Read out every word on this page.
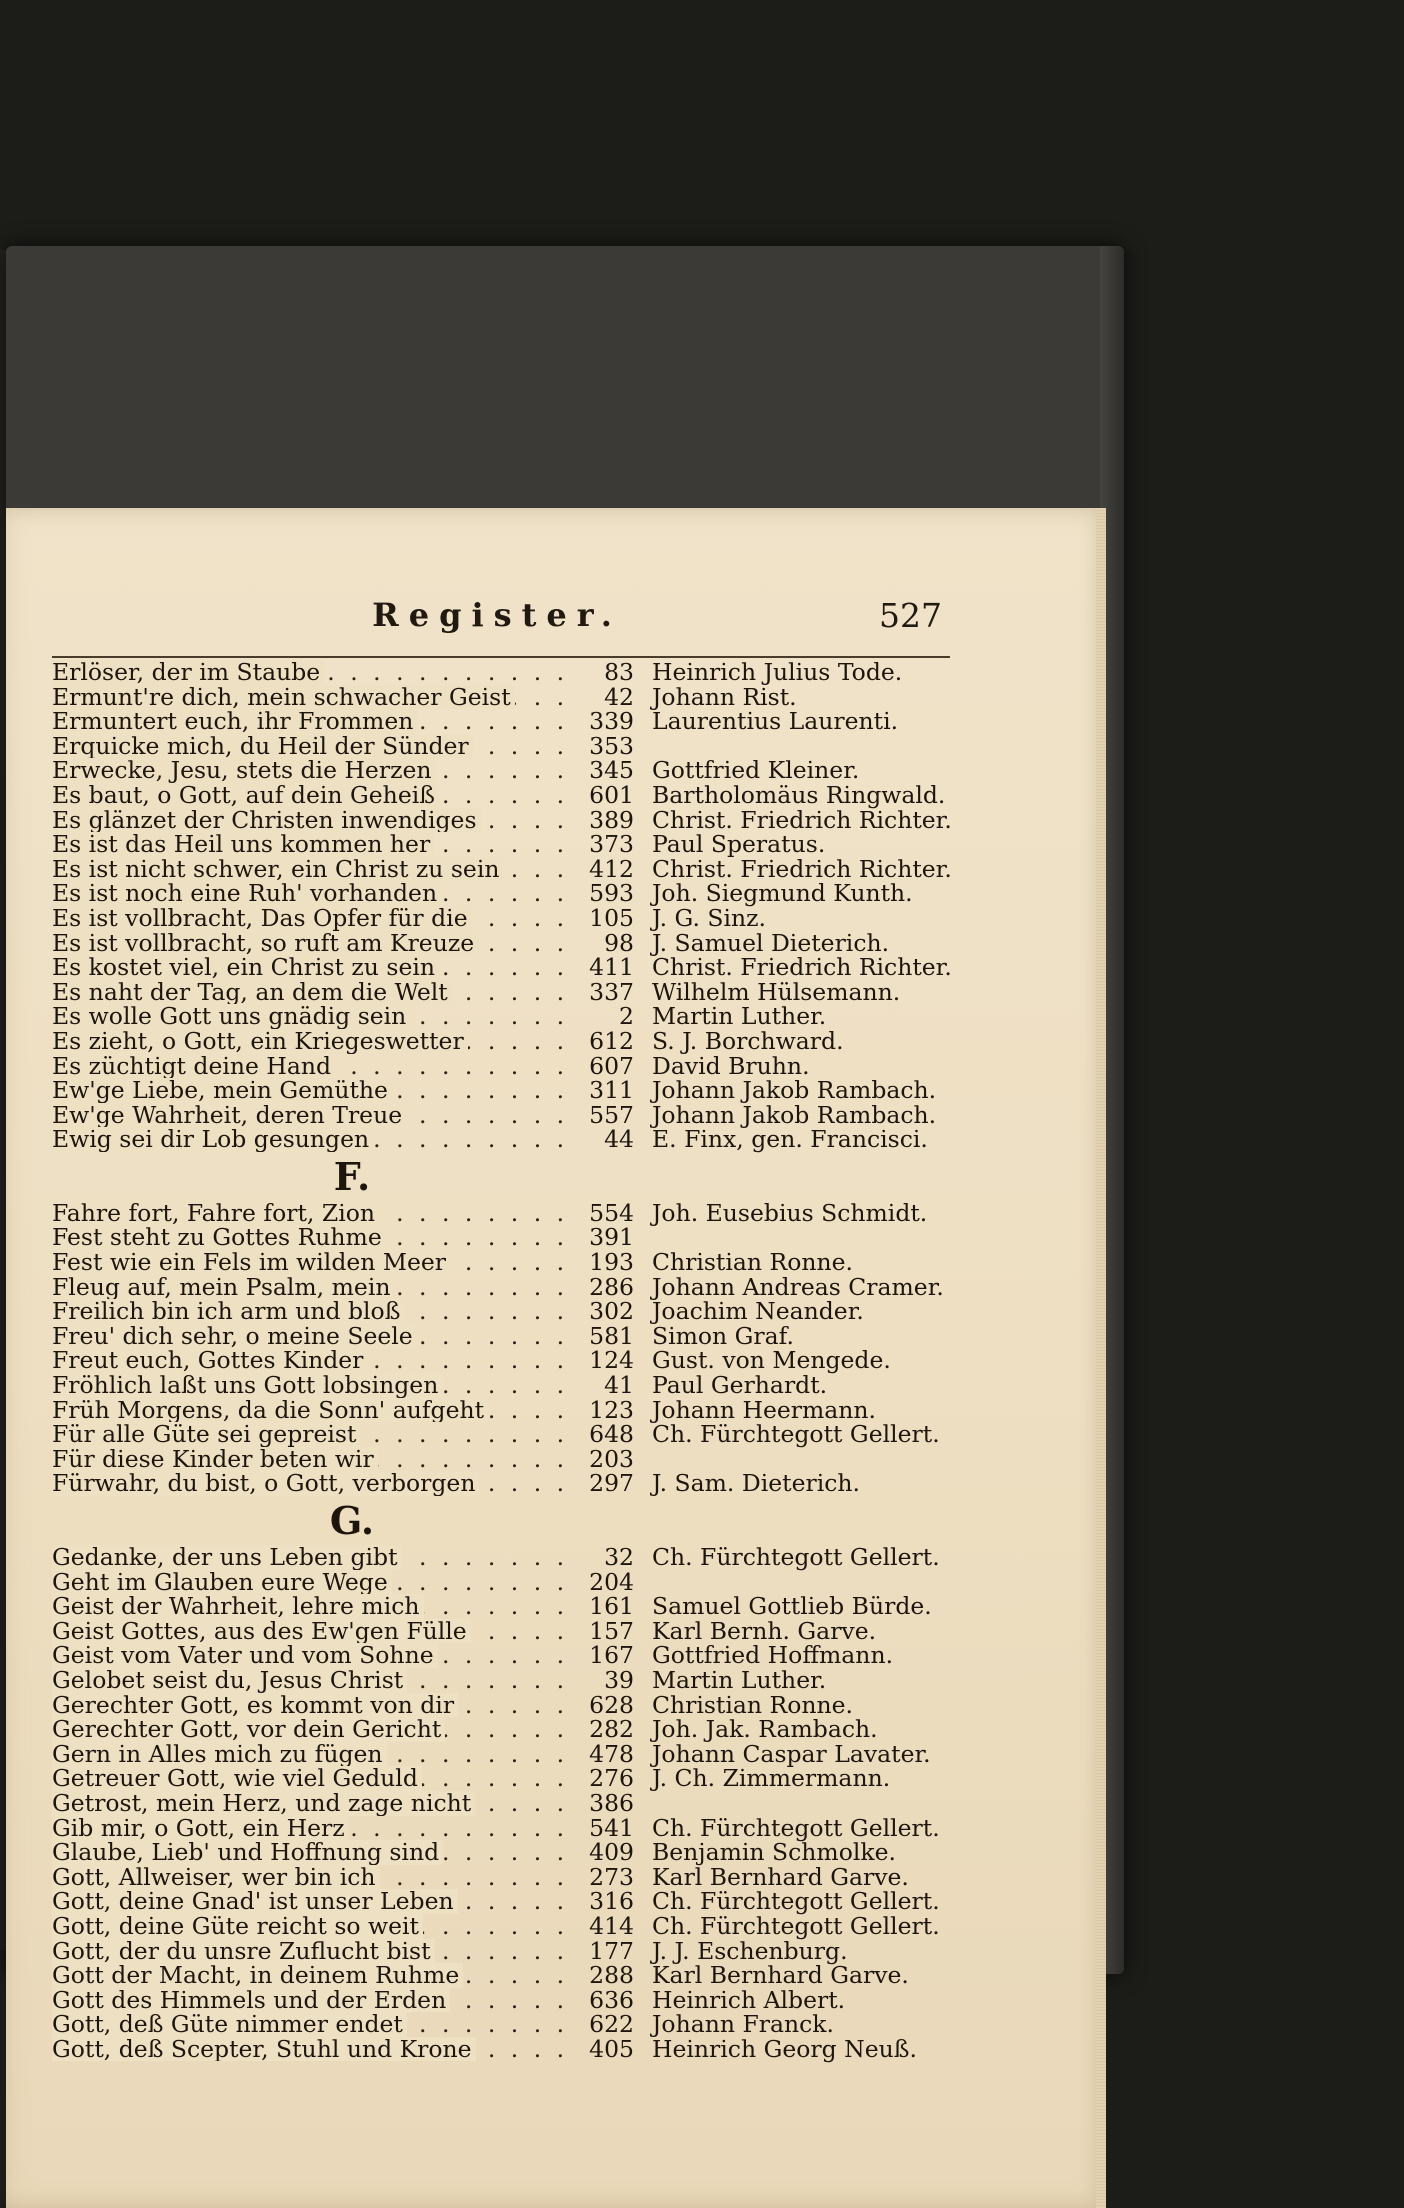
Register.	527
Erlöser, der im Staube . . .	83 Heinrich Julius Tode.
Ermunt're dich, mein schwacher Geist . . .	42 Johann Rist.
Ermuntert euch, ihr Frommen . . .	339 Laurentius Laurenti.
Erquicke mich, du Heil der Sünder . . .	353
Erwecke, Jesu, stets die Herzen . . .	345 Gottfried Kleiner.
Es baut, o Gott, auf dein Geheiß . . .	601 Bartholomäus Ringwald.
Es glänzet der Christen inwendiges . . .	389 Christ. Friedrich Richter.
Es ist das Heil uns kommen her . . .	373 Paul Speratus.
Es ist nicht schwer, ein Christ zu sein . . .	412 Christ. Friedrich Richter.
Es ist noch eine Ruh' vorhanden . . .	593 Joh. Siegmund Kunth.
Es ist vollbracht, Das Opfer für die . . .	105 J. G. Sinz.
Es ist vollbracht, so ruft am Kreuze . . .	98 J. Samuel Dieterich.
Es kostet viel, ein Christ zu sein . . .	411 Christ. Friedrich Richter.
Es naht der Tag, an dem die Welt . . .	337 Wilhelm Hülsemann.
Es wolle Gott uns gnädig sein . . .	2 Martin Luther.
Es zieht, o Gott, ein Kriegeswetter . . .	612 S. J. Borchward.
Es züchtigt deine Hand . . .	607 David Bruhn.
Ew'ge Liebe, mein Gemüthe . . .	311 Johann Jakob Rambach.
Ew'ge Wahrheit, deren Treue . . .	557 Johann Jakob Rambach.
Ewig sei dir Lob gesungen . . .	44 E. Finx, gen. Francisci.
F.
Fahre fort, Fahre fort, Zion . . .	554 Joh. Eusebius Schmidt.
Fest steht zu Gottes Ruhme . . .	391
Fest wie ein Fels im wilden Meer . . .	193 Christian Ronne.
Fleug auf, mein Psalm, mein . . .	286 Johann Andreas Cramer.
Freilich bin ich arm und bloß . . .	302 Joachim Neander.
Freu' dich sehr, o meine Seele . . .	581 Simon Graf.
Freut euch, Gottes Kinder . . .	124 Gust. von Mengede.
Fröhlich laßt uns Gott lobsingen . . .	41 Paul Gerhardt.
Früh Morgens, da die Sonn' aufgeht . . .	123 Johann Heermann.
Für alle Güte sei gepreist . . .	648 Ch. Fürchtegott Gellert.
Für diese Kinder beten wir . . .	203
Fürwahr, du bist, o Gott, verborgen . . .	297 J. Sam. Dieterich.
G.
Gedanke, der uns Leben gibt . . .	32 Ch. Fürchtegott Gellert.
Geht im Glauben eure Wege . . .	204
Geist der Wahrheit, lehre mich . . .	161 Samuel Gottlieb Bürde.
Geist Gottes, aus des Ew'gen Fülle . . .	157 Karl Bernh. Garve.
Geist vom Vater und vom Sohne . . .	167 Gottfried Hoffmann.
Gelobet seist du, Jesus Christ . . .	39 Martin Luther.
Gerechter Gott, es kommt von dir . . .	628 Christian Ronne.
Gerechter Gott, vor dein Gericht . . .	282 Joh. Jak. Rambach.
Gern in Alles mich zu fügen . . .	478 Johann Caspar Lavater.
Getreuer Gott, wie viel Geduld . . .	276 J. Ch. Zimmermann.
Getrost, mein Herz, und zage nicht . . .	386
Gib mir, o Gott, ein Herz . . .	541 Ch. Fürchtegott Gellert.
Glaube, Lieb' und Hoffnung sind . . .	409 Benjamin Schmolke.
Gott, Allweiser, wer bin ich . . .	273 Karl Bernhard Garve.
Gott, deine Gnad' ist unser Leben . . .	316 Ch. Fürchtegott Gellert.
Gott, deine Güte reicht so weit . . .	414 Ch. Fürchtegott Gellert.
Gott, der du unsre Zuflucht bist . . .	177 J. J. Eschenburg.
Gott der Macht, in deinem Ruhme . . .	288 Karl Bernhard Garve.
Gott des Himmels und der Erden . . .	636 Heinrich Albert.
Gott, deß Güte nimmer endet . . .	622 Johann Franck.
Gott, deß Scepter, Stuhl und Krone . . .	405 Heinrich Georg Neuß.
